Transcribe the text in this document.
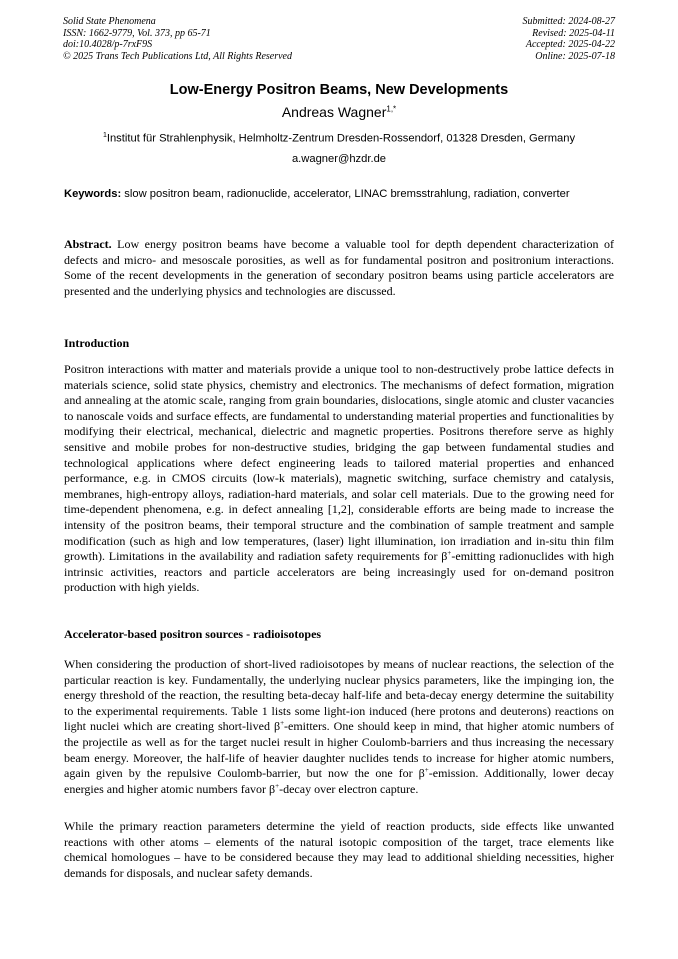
Solid State Phenomena
ISSN: 1662-9779, Vol. 373, pp 65-71
doi:10.4028/p-7rxF9S
© 2025 Trans Tech Publications Ltd, All Rights Reserved
Submitted: 2024-08-27
Revised: 2025-04-11
Accepted: 2025-04-22
Online: 2025-07-18
Low-Energy Positron Beams, New Developments
Andreas Wagner$^{1,*}$
$^1$Institut für Strahlenphysik, Helmholtz-Zentrum Dresden-Rossendorf, 01328 Dresden, Germany
a.wagner@hzdr.de
Keywords: slow positron beam, radionuclide, accelerator, LINAC bremsstrahlung, radiation, converter
Abstract. Low energy positron beams have become a valuable tool for depth dependent characterization of defects and micro- and mesoscale porosities, as well as for fundamental positron and positronium interactions. Some of the recent developments in the generation of secondary positron beams using particle accelerators are presented and the underlying physics and technologies are discussed.
Introduction
Positron interactions with matter and materials provide a unique tool to non-destructively probe lattice defects in materials science, solid state physics, chemistry and electronics. The mechanisms of defect formation, migration and annealing at the atomic scale, ranging from grain boundaries, dislocations, single atomic and cluster vacancies to nanoscale voids and surface effects, are fundamental to understanding material properties and functionalities by modifying their electrical, mechanical, dielectric and magnetic properties. Positrons therefore serve as highly sensitive and mobile probes for non-destructive studies, bridging the gap between fundamental studies and technological applications where defect engineering leads to tailored material properties and enhanced performance, e.g. in CMOS circuits (low-k materials), magnetic switching, surface chemistry and catalysis, membranes, high-entropy alloys, radiation-hard materials, and solar cell materials. Due to the growing need for time-dependent phenomena, e.g. in defect annealing [1,2], considerable efforts are being made to increase the intensity of the positron beams, their temporal structure and the combination of sample treatment and sample modification (such as high and low temperatures, (laser) light illumination, ion irradiation and in-situ thin film growth). Limitations in the availability and radiation safety requirements for β+-emitting radionuclides with high intrinsic activities, reactors and particle accelerators are being increasingly used for on-demand positron production with high yields.
Accelerator-based positron sources - radioisotopes
When considering the production of short-lived radioisotopes by means of nuclear reactions, the selection of the particular reaction is key. Fundamentally, the underlying nuclear physics parameters, like the impinging ion, the energy threshold of the reaction, the resulting beta-decay half-life and beta-decay energy determine the suitability to the experimental requirements. Table 1 lists some light-ion induced (here protons and deuterons) reactions on light nuclei which are creating short-lived β+-emitters. One should keep in mind, that higher atomic numbers of the projectile as well as for the target nuclei result in higher Coulomb-barriers and thus increasing the necessary beam energy. Moreover, the half-life of heavier daughter nuclides tends to increase for higher atomic numbers, again given by the repulsive Coulomb-barrier, but now the one for β+-emission. Additionally, lower decay energies and higher atomic numbers favor β+-decay over electron capture.
While the primary reaction parameters determine the yield of reaction products, side effects like unwanted reactions with other atoms – elements of the natural isotopic composition of the target, trace elements like chemical homologues – have to be considered because they may lead to additional shielding necessities, higher demands for disposals, and nuclear safety demands.
